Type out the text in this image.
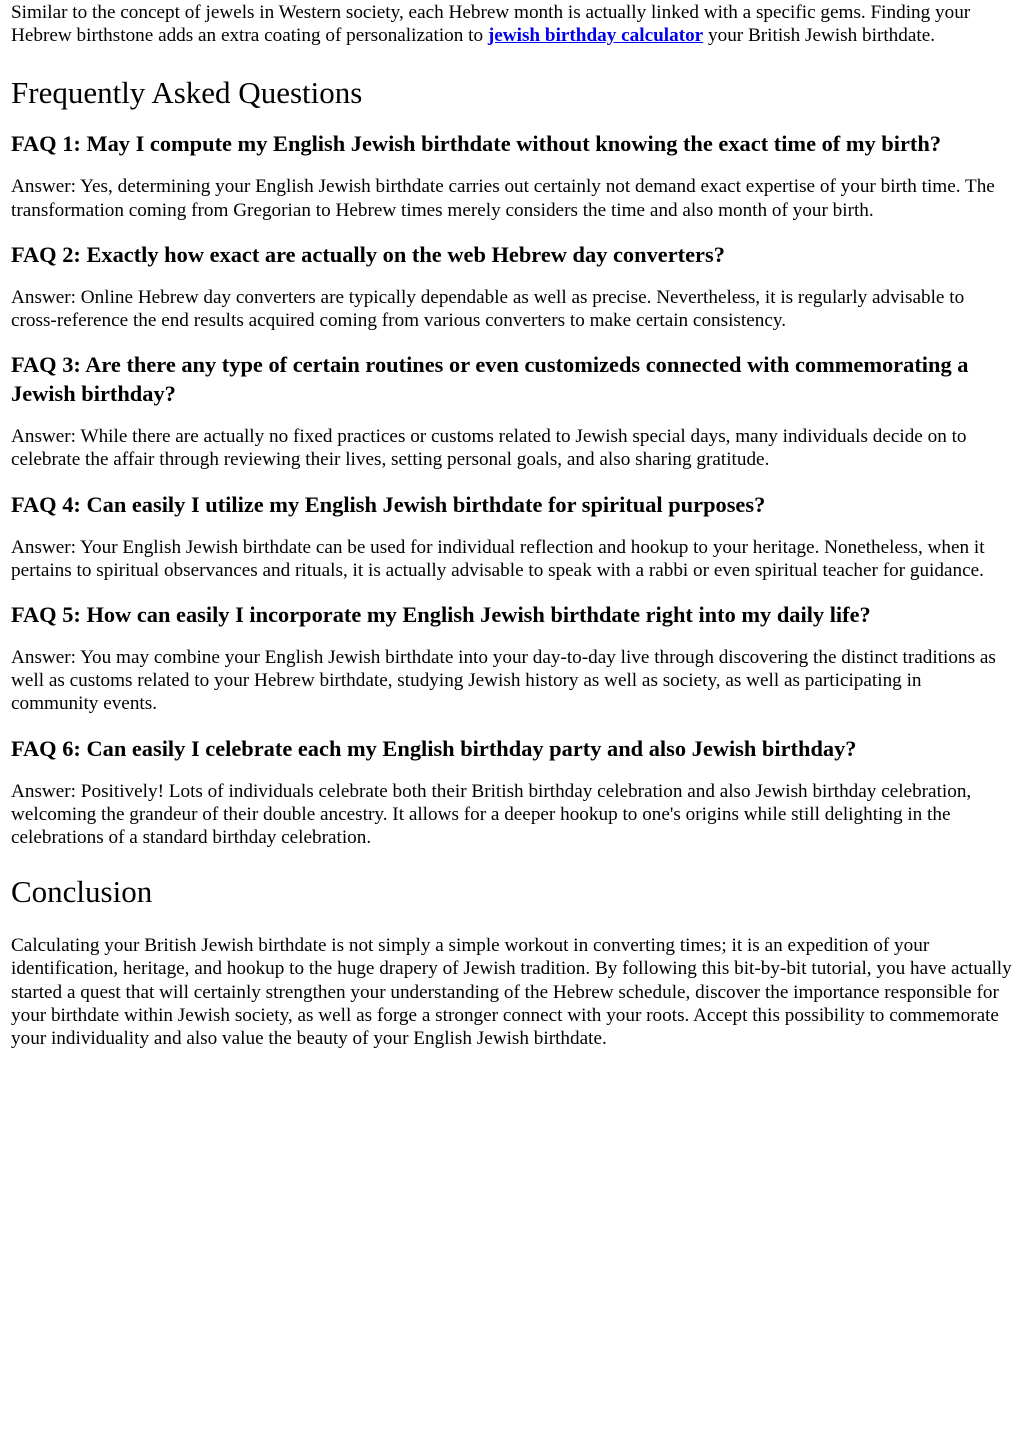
Similar to the concept of jewels in Western society, each Hebrew month is actually linked with a specific gems. Finding your Hebrew birthstone adds an extra coating of personalization to jewish birthday calculator your British Jewish birthdate.

Frequently Asked Questions
FAQ 1: May I compute my English Jewish birthdate without knowing the exact time of my birth?

Answer: Yes, determining your English Jewish birthdate carries out certainly not demand exact expertise of your birth time. The transformation coming from Gregorian to Hebrew times merely considers the time and also month of your birth.

FAQ 2: Exactly how exact are actually on the web Hebrew day converters?

Answer: Online Hebrew day converters are typically dependable as well as precise. Nevertheless, it is regularly advisable to cross-reference the end results acquired coming from various converters to make certain consistency.

FAQ 3: Are there any type of certain routines or even customizeds connected with commemorating a Jewish birthday?

Answer: While there are actually no fixed practices or customs related to Jewish special days, many individuals decide on to celebrate the affair through reviewing their lives, setting personal goals, and also sharing gratitude.

FAQ 4: Can easily I utilize my English Jewish birthdate for spiritual purposes?

Answer: Your English Jewish birthdate can be used for individual reflection and hookup to your heritage. Nonetheless, when it pertains to spiritual observances and rituals, it is actually advisable to speak with a rabbi or even spiritual teacher for guidance.

FAQ 5: How can easily I incorporate my English Jewish birthdate right into my daily life?

Answer: You may combine your English Jewish birthdate into your day-to-day live through discovering the distinct traditions as well as customs related to your Hebrew birthdate, studying Jewish history as well as society, as well as participating in community events.

FAQ 6: Can easily I celebrate each my English birthday party and also Jewish birthday?

Answer: Positively! Lots of individuals celebrate both their British birthday celebration and also Jewish birthday celebration, welcoming the grandeur of their double ancestry. It allows for a deeper hookup to one's origins while still delighting in the celebrations of a standard birthday celebration.

Conclusion

Calculating your British Jewish birthdate is not simply a simple workout in converting times; it is an expedition of your identification, heritage, and hookup to the huge drapery of Jewish tradition. By following this bit-by-bit tutorial, you have actually started a quest that will certainly strengthen your understanding of the Hebrew schedule, discover the importance responsible for your birthdate within Jewish society, as well as forge a stronger connect with your roots. Accept this possibility to commemorate your individuality and also value the beauty of your English Jewish birthdate.
